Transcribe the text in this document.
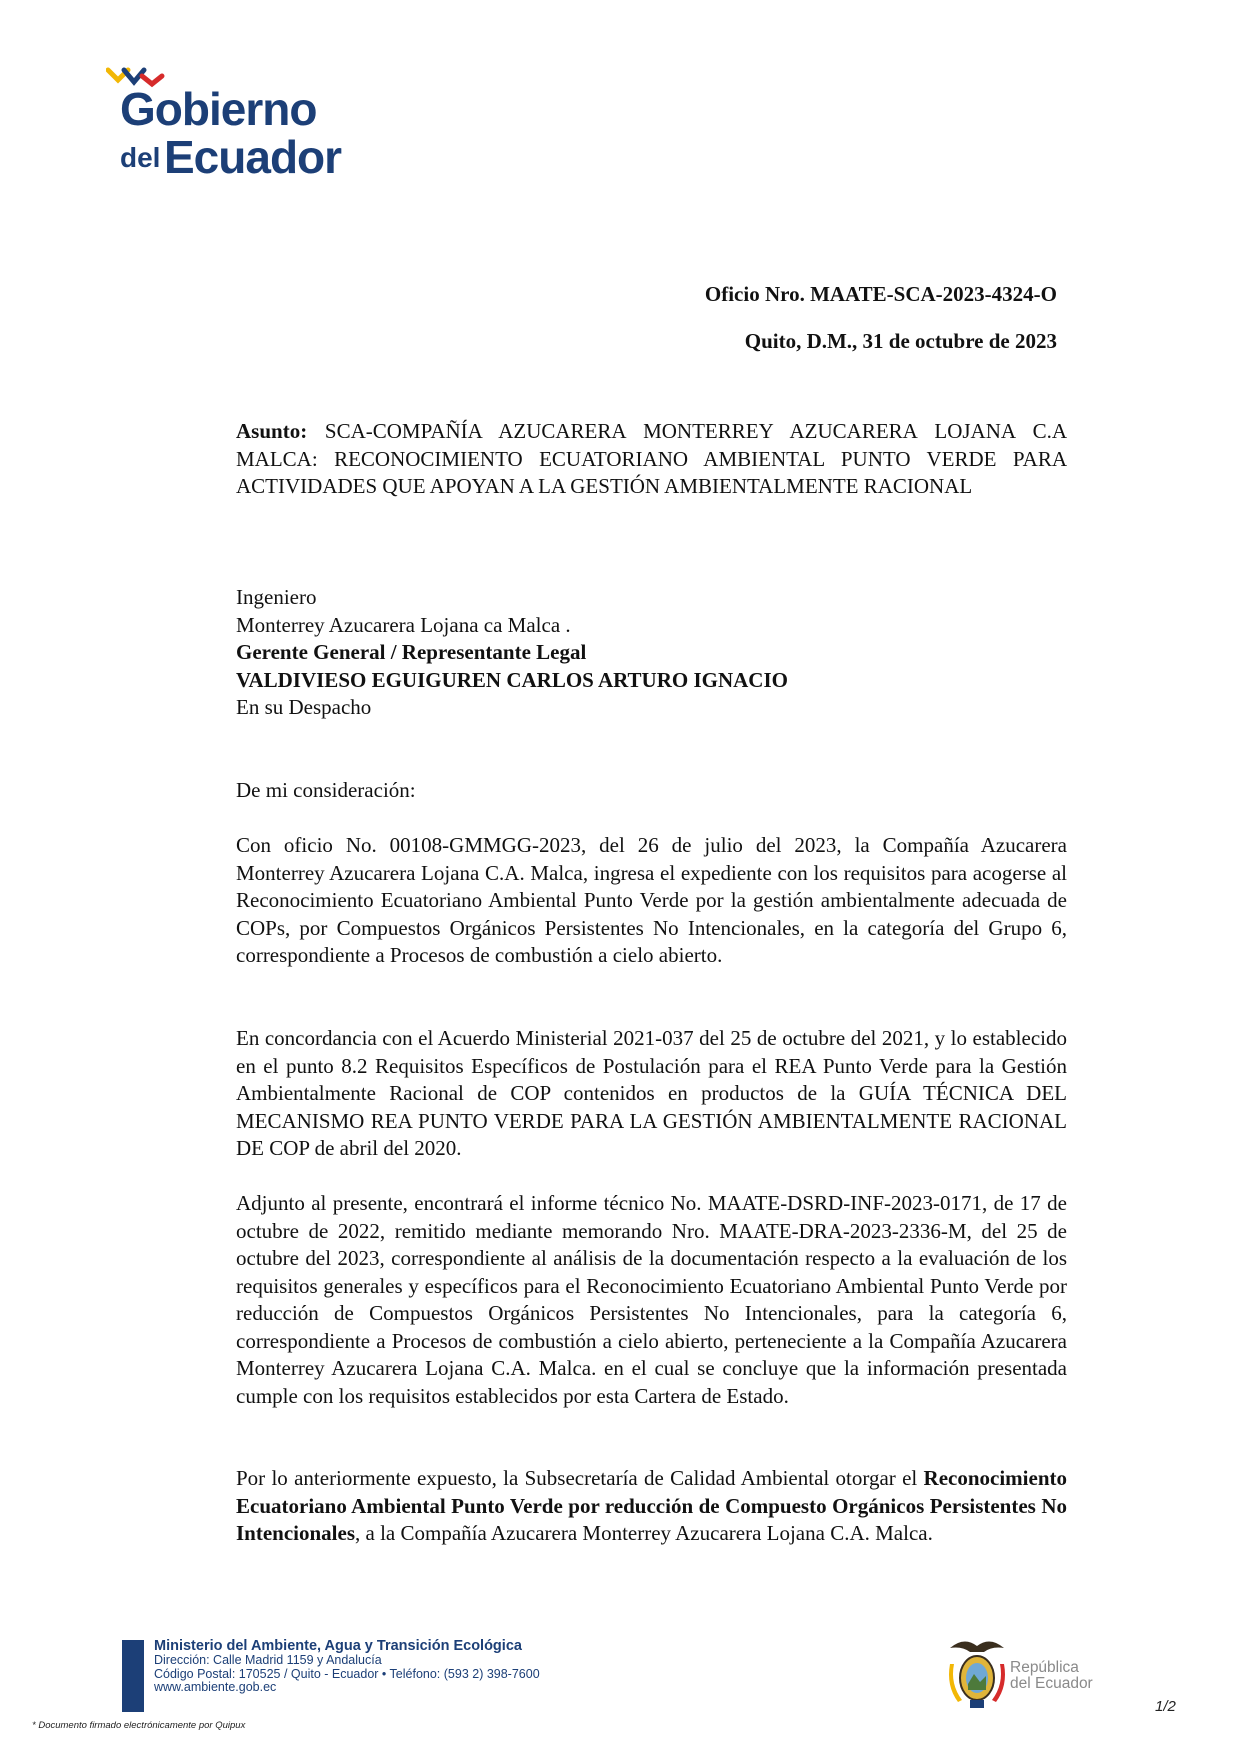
Gobierno
del Ecuador
Oficio Nro. MAATE-SCA-2023-4324-O
Quito, D.M., 31 de octubre de 2023
Asunto: SCA-COMPAÑÍA AZUCARERA MONTERREY AZUCARERA LOJANA C.A MALCA: RECONOCIMIENTO ECUATORIANO AMBIENTAL PUNTO VERDE PARA ACTIVIDADES QUE APOYAN A LA GESTIÓN AMBIENTALMENTE RACIONAL

Ingeniero

Monterrey Azucarera Lojana ca Malca .

Gerente General / Representante Legal

VALDIVIESO EGUIGUREN CARLOS ARTURO IGNACIO

En su Despacho

De mi consideración:
Con oficio No. 00108-GMMGG-2023, del 26 de julio del 2023, la Compañía Azucarera Monterrey Azucarera Lojana C.A. Malca, ingresa el expediente con los requisitos para acogerse al Reconocimiento Ecuatoriano Ambiental Punto Verde por la gestión ambientalmente adecuada de COPs, por Compuestos Orgánicos Persistentes No Intencionales, en la categoría del Grupo 6, correspondiente a Procesos de combustión a cielo abierto.
En concordancia con el Acuerdo Ministerial 2021-037 del 25 de octubre del 2021, y lo establecido en el punto 8.2 Requisitos Específicos de Postulación para el REA Punto Verde para la Gestión Ambientalmente Racional de COP contenidos en productos de la GUÍA TÉCNICA DEL MECANISMO REA PUNTO VERDE PARA LA GESTIÓN AMBIENTALMENTE RACIONAL DE COP de abril del 2020.
Adjunto al presente, encontrará el informe técnico No. MAATE-DSRD-INF-2023-0171, de 17 de octubre de 2022, remitido mediante memorando Nro. MAATE-DRA-2023-2336-M, del 25 de octubre del 2023, correspondiente al análisis de la documentación respecto a la evaluación de los requisitos generales y específicos para el Reconocimiento Ecuatoriano Ambiental Punto Verde por reducción de Compuestos Orgánicos Persistentes No Intencionales, para la categoría 6, correspondiente a Procesos de combustión a cielo abierto, perteneciente a la Compañía Azucarera Monterrey Azucarera Lojana C.A. Malca. en el cual se concluye que la información presentada cumple con los requisitos establecidos por esta Cartera de Estado.
Por lo anteriormente expuesto, la Subsecretaría de Calidad Ambiental otorgar el Reconocimiento Ecuatoriano Ambiental Punto Verde por reducción de Compuesto Orgánicos Persistentes No Intencionales, a la Compañía Azucarera Monterrey Azucarera Lojana C.A. Malca.
Ministerio del Ambiente, Agua y Transición Ecológica
Dirección: Calle Madrid 1159 y Andalucía
Código Postal: 170525 / Quito - Ecuador • Teléfono: (593 2) 398-7600
www.ambiente.gob.ec
República
del Ecuador
1/2
* Documento firmado electrónicamente por Quipux
